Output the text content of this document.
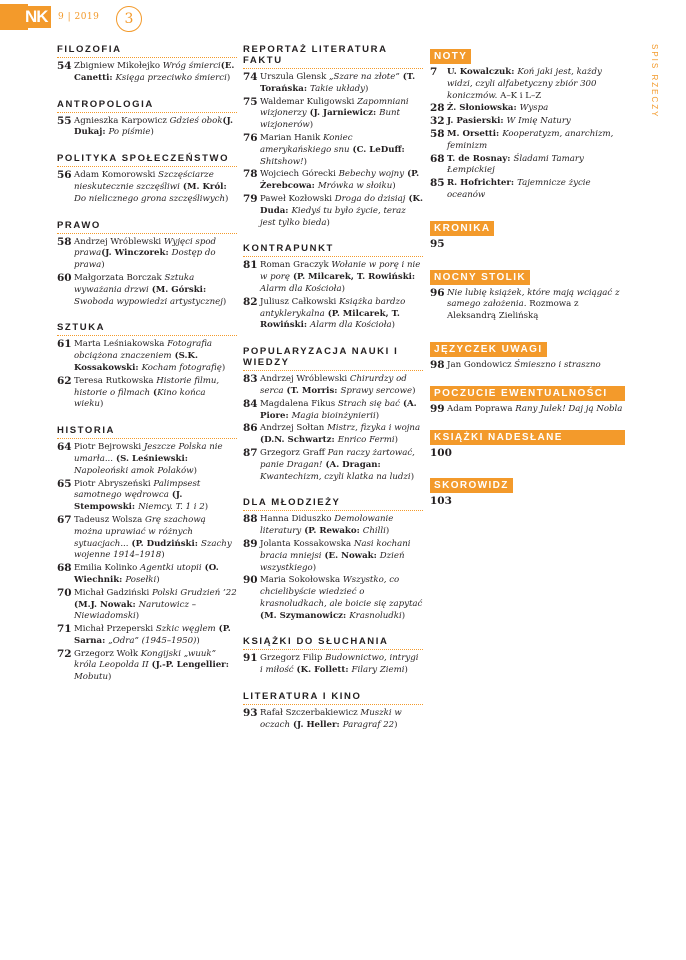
NK	9 | 2019	3
SPIS RZECZY
FILOZOFIA
54 Zbigniew Mikołejko Wróg śmierci(E. Canetti: Księga przeciwko śmierci)
ANTROPOLOGIA
55 Agnieszka Karpowicz Gdzieś obok(J. Dukaj: Po piśmie)
POLITYKA SPOŁECZEŃSTWO
56 Adam Komorowski Szczęściarze nieskutecznie szczęśliwi (M. Król: Do nielicznego grona szczęśliwych)
PRAWO
58 Andrzej Wróblewski Wyjęci spod prawa(J. Winczorek: Dostęp do prawa)
60 Małgorzata Borczak Sztuka wyważania drzwi (M. Górski: Swoboda wypowiedzi artystycznej)
SZTUKA
61 Marta Leśniakowska Fotografia obciążona znaczeniem (S.K. Kossakowski: Kocham fotografię)
62 Teresa Rutkowska Historie filmu, historie o filmach (Kino końca wieku)
HISTORIA
64 Piotr Bejrowski Jeszcze Polska nie umarła... (S. Leśniewski: Napoleoński amok Polaków)
65 Piotr Abryszeński Palimpsest samotnego wędrowca (J. Stempowski: Niemcy. T. 1 i 2)
67 Tadeusz Wolsza Grę szachową można uprawiać w różnych sytuacjach... (P. Dudziński: Szachy wojenne 1914–1918)
68 Emilia Kolinko Agentki utopii (O. Wiechnik: Posełki)
70 Michał Gadziński Polski Grudzień ’22 (M.J. Nowak: Narutowicz – Niewiadomski)
71 Michał Przeperski Szkic węglem (P. Sarna: „Odra” (1945–1950))
72 Grzegorz Wołk Kongijski „wuuk” króla Leopolda II (J.-P. Lengellier: Mobutu)
REPORTAŻ LITERATURA FAKTU
74 Urszula Glensk „Szare na złote” (T. Torańska: Takie układy)
75 Waldemar Kuligowski Zapomniani wizjonerzy (J. Jarniewicz: Bunt wizjonerów)
76 Marian Hanik Koniec amerykańskiego snu (C. LeDuff: Shitshow!)
78 Wojciech Górecki Bebechy wojny (P. Żerebcowa: Mrówka w słoiku)
79 Paweł Kozłowski Droga do dzisiaj (K. Duda: Kiedyś tu było życie, teraz jest tylko bieda)
KONTRAPUNKT
81 Roman Graczyk Wołanie w porę i nie w porę (P. Milcarek, T. Rowiński: Alarm dla Kościoła)
82 Juliusz Całkowski Książka bardzo antyklerykalna (P. Milcarek, T. Rowiński: Alarm dla Kościoła)
POPULARYZACJA NAUKI I WIEDZY
83 Andrzej Wróblewski Chirurdzy od serca (T. Morris: Sprawy sercowe)
84 Magdalena Fikus Strach się bać (A. Piore: Magia bioinżynierii)
86 Andrzej Sołtan Mistrz, fizyka i wojna (D.N. Schwartz: Enrico Fermi)
87 Grzegorz Graff Pan raczy żartować, panie Dragan! (A. Dragan: Kwantechizm, czyli klatka na ludzi)
DLA MŁODZIEŻY
88 Hanna Diduszko Demolowanie literatury (P. Rewako: Chilli)
89 Jolanta Kossakowska Nasi kochani bracia mniejsi (E. Nowak: Dzień wszystkiego)
90 Maria Sokołowska Wszystko, co chcielibyście wiedzieć o krasnoludkach, ale boicie się zapytać (M. Szymanowicz: Krasnoludki)
KSIĄŻKI DO SŁUCHANIA
91 Grzegorz Filip Budownictwo, intrygi i miłość (K. Follett: Filary Ziemi)
LITERATURA I KINO
93 Rafał Szczerbakiewicz Muszki w oczach (J. Heller: Paragraf 22)
NOTY
7	U. Kowalczuk: Koń jaki jest, każdy widzi, czyli alfabetyczny zbiór 300 koniczmów. A–K i L–Z
28 Ż. Słoniowska: Wyspa
32 J. Pasierski: W Imię Natury
58 M. Orsetti: Kooperatyzm, anarchizm, feminizm
68 T. de Rosnay: Śladami Tamary Łempickiej
85 R. Hofrichter: Tajemnicze życie oceanów
KRONIKA
95
NOCNY STOLIK
96 Nie lubię książek, które mają wciągać z samego założenia. Rozmowa z Aleksandrą Zielińską
JĘZYCZEK UWAGI
98 Jan Gondowicz Śmiesznо i strasznо
POCZUCIE EWENTUALNOŚCI
99 Adam Poprawa Rany Julek! Daj ją Nobla
KSIĄŻKI NADESŁANE
100
SKOROWIDZ
103
